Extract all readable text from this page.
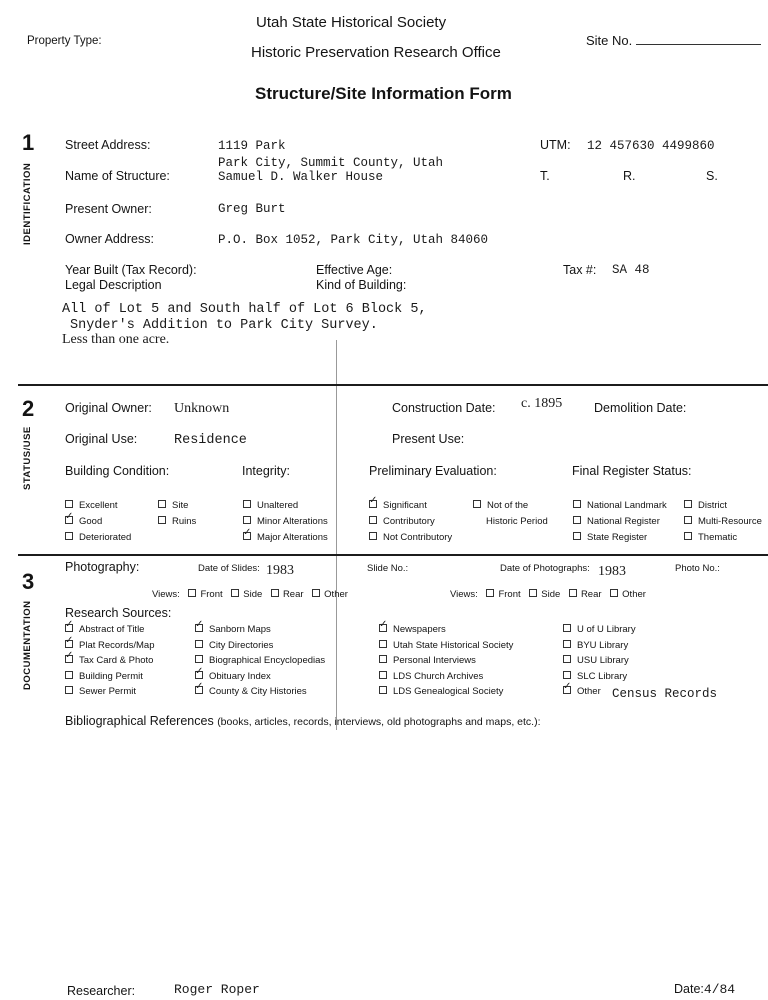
Utah State Historical Society
Historic Preservation Research Office
Structure/Site Information Form
Property Type:	Site No.
1
IDENTIFICATION
Street Address:	1119 Park
Park City, Summit County, Utah
Name of Structure:	Samuel D. Walker House
Present Owner:	Greg Burt
Owner Address:	P.O. Box 1052, Park City, Utah 84060
UTM: 12 457630 4499860
T.	R.	S.
Year Built (Tax Record):	Effective Age:	Tax #: SA 48
Legal Description	Kind of Building:
All of Lot 5 and South half of Lot 6 Block 5,
Snyder's Addition to Park City Survey.
Less than one acre.
2
STATUS/USE
Original Owner: Unknown	Construction Date: c. 1895	Demolition Date:
Original Use:	Residence	Present Use:
Building Condition:	Integrity:	Preliminary Evaluation:	Final Register Status:
Excellent
✓Good
Deteriorated
Site
Ruins
Unaltered
Minor Alterations
✓Major Alterations
✓Significant
Contributory
Not Contributory
Not of the
Historic Period
National Landmark
National Register
State Register
District
Multi-Resource
Thematic
3
DOCUMENTATION
Photography:	Date of Slides: 1983	Slide No.:	Date of Photographs: 1983	Photo No.:
Views: Front Side Rear Other	Views: Front Side Rear Other
Research Sources:
✓Abstract of Title
✓Plat Records/Map
✓Tax Card & Photo
Building Permit
Sewer Permit
✓Sanborn Maps
City Directories
Biographical Encyclopedias
✓Obituary Index
✓County & City Histories
✓Newspapers
Utah State Historical Society
Personal Interviews
LDS Church Archives
LDS Genealogical Society
U of U Library
BYU Library
USU Library
SLC Library
✓Other Census Records
Bibliographical References (books, articles, records, interviews, old photographs and maps, etc.):
Researcher:	Roger Roper	Date:4/84
